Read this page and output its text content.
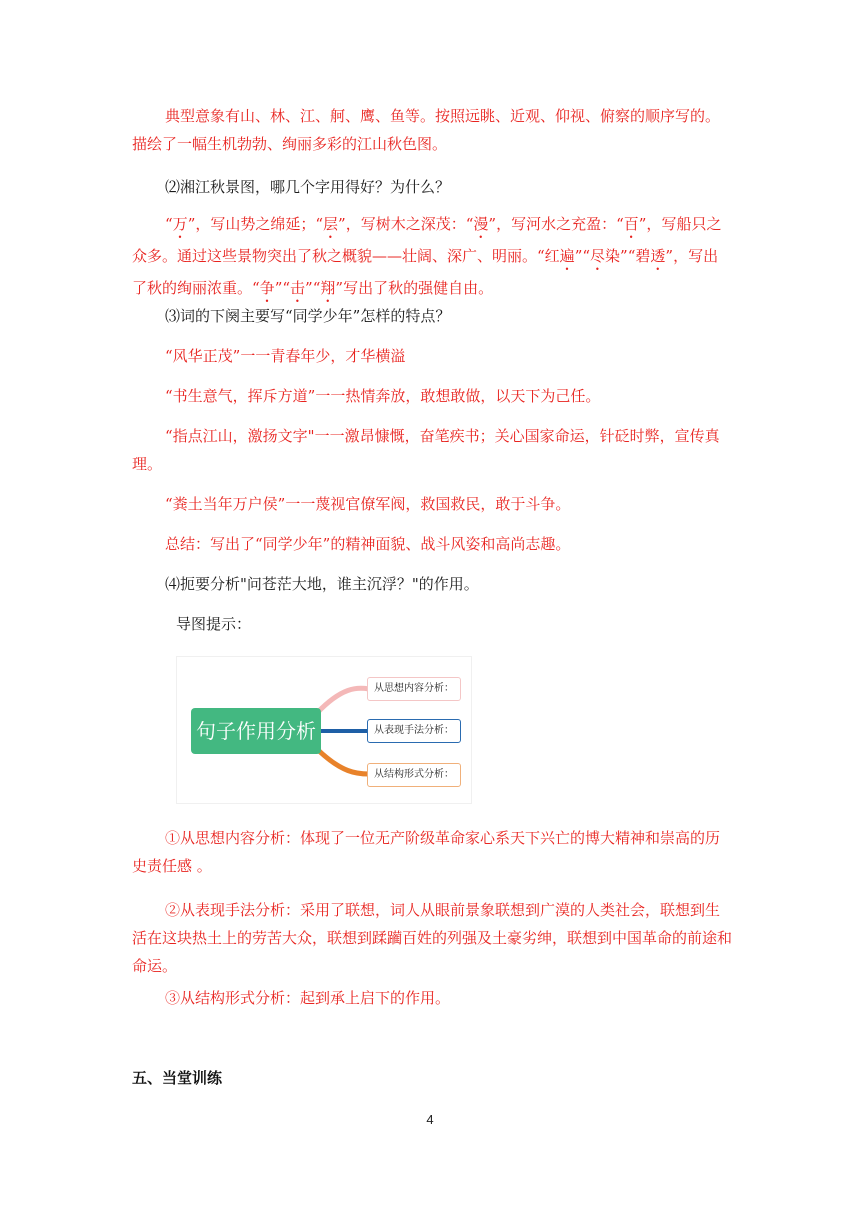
典型意象有山、林、江、舸、鹰、鱼等。按照远眺、近观、仰视、俯察的顺序写的。

描绘了一幅生机勃勃、绚丽多彩的江山秋色图。

⑵湘江秋景图，哪几个字用得好？为什么？

“万”，写山势之绵延；“层”，写树木之深茂：“漫”，写河水之充盈：“百”，写船只之众多。通过这些景物突出了秋之概貌——壮阔、深广、明丽。“红遍”“尽染”“碧透”，写出了秋的绚丽浓重。“争”“击”“翔”写出了秋的强健自由。

⑶词的下阕主要写“同学少年”怎样的特点？

“风华正茂”一一青春年少，才华横溢

“书生意气，挥斥方道”一一热情奔放，敢想敢做，以天下为己任。

“指点江山，激扬文字"一一激昂慷慨，奋笔疾书；关心国家命运，针砭时弊，宣传真理。

“粪土当年万户侯”一一蔑视官僚军阀，救国救民，敢于斗争。

总结：写出了“同学少年”的精神面貌、战斗风姿和高尚志趣。

⑷扼要分析"问苍茫大地，谁主沉浮？"的作用。

导图提示：

句子作用分析
从思想内容分析：
从表现手法分析：
从结构形式分析：
①从思想内容分析：体现了一位无产阶级革命家心系天下兴亡的博大精神和崇高的历史责任感 。
②从表现手法分析：采用了联想，词人从眼前景象联想到广漠的人类社会，联想到生活在这块热土上的劳苦大众，联想到蹂躏百姓的列强及土豪劣绅，联想到中国革命的前途和命运。

③从结构形式分析：起到承上启下的作用。

五、当堂训练

4
